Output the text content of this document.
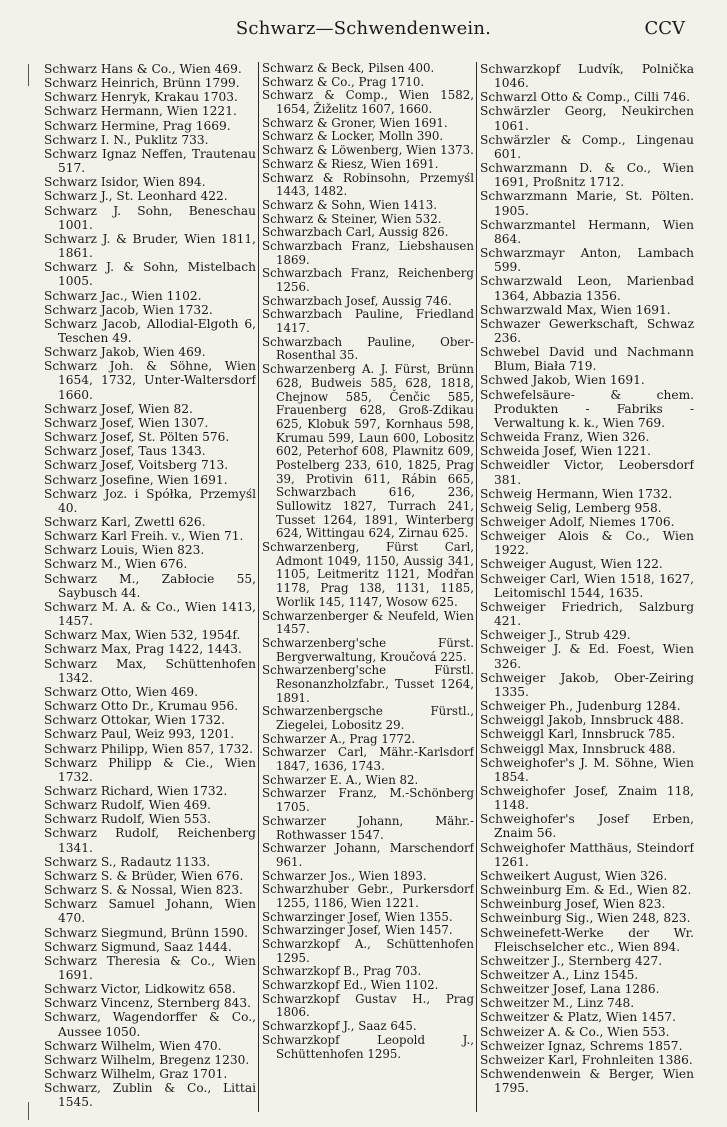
Schwarz—Schwendenwein.	CCV

Schwarz Hans & Co., Wien 469.

Schwarz Heinrich, Brünn 1799.

Schwarz Henryk, Krakau 1703.

Schwarz Hermann, Wien 1221.

Schwarz Hermine, Prag 1669.

Schwarz I. N., Puklitz 733.

Schwarz Ignaz Neffen, Trautenau 517.

Schwarz Isidor, Wien 894.

Schwarz J., St. Leonhard 422.

Schwarz J. Sohn, Beneschau 1001.

Schwarz J. & Bruder, Wien 1811, 1861.

Schwarz J. & Sohn, Mistelbach 1005.

Schwarz Jac., Wien 1102.

Schwarz Jacob, Wien 1732.

Schwarz Jacob, Allodial-Elgoth 6, Teschen 49.

Schwarz Jakob, Wien 469.

Schwarz Joh. & Söhne, Wien 1654, 1732, Unter-Waltersdorf 1660.

Schwarz Josef, Wien 82.

Schwarz Josef, Wien 1307.

Schwarz Josef, St. Pölten 576.

Schwarz Josef, Taus 1343.

Schwarz Josef, Voitsberg 713.

Schwarz Josefine, Wien 1691.

Schwarz Joz. i Spółka, Przemyśl 40.

Schwarz Karl, Zwettl 626.

Schwarz Karl Freih. v., Wien 71.

Schwarz Louis, Wien 823.

Schwarz M., Wien 676.

Schwarz M., Zabłocie 55, Saybusch 44.

Schwarz M. A. & Co., Wien 1413, 1457.

Schwarz Max, Wien 532, 1954f.

Schwarz Max, Prag 1422, 1443.

Schwarz Max, Schüttenhofen 1342.

Schwarz Otto, Wien 469.

Schwarz Otto Dr., Krumau 956.

Schwarz Ottokar, Wien 1732.

Schwarz Paul, Weiz 993, 1201.

Schwarz Philipp, Wien 857, 1732.

Schwarz Philipp & Cie., Wien 1732.

Schwarz Richard, Wien 1732.

Schwarz Rudolf, Wien 469.

Schwarz Rudolf, Wien 553.

Schwarz Rudolf, Reichenberg 1341.

Schwarz S., Radautz 1133.

Schwarz S. & Brüder, Wien 676.

Schwarz S. & Nossal, Wien 823.

Schwarz Samuel Johann, Wien 470.

Schwarz Siegmund, Brünn 1590.

Schwarz Sigmund, Saaz 1444.

Schwarz Theresia & Co., Wien 1691.

Schwarz Victor, Lidkowitz 658.

Schwarz Vincenz, Sternberg 843.

Schwarz, Wagendorffer & Co., Aussee 1050.

Schwarz Wilhelm, Wien 470.

Schwarz Wilhelm, Bregenz 1230.

Schwarz Wilhelm, Graz 1701.

Schwarz, Zublin & Co., Littai 1545.

Schwarz & Beck, Pilsen 400.

Schwarz & Co., Prag 1710.

Schwarz & Comp., Wien 1582, 1654, Žiželitz 1607, 1660.

Schwarz & Groner, Wien 1691.

Schwarz & Locker, Molln 390.

Schwarz & Löwenberg, Wien 1373.

Schwarz & Riesz, Wien 1691.

Schwarz & Robinsohn, Przemyśl 1443, 1482.

Schwarz & Sohn, Wien 1413.

Schwarz & Steiner, Wien 532.

Schwarzbach Carl, Aussig 826.

Schwarzbach Franz, Liebshausen 1869.

Schwarzbach Franz, Reichenberg 1256.

Schwarzbach Josef, Aussig 746.

Schwarzbach Pauline, Friedland 1417.

Schwarzbach Pauline, Ober-Rosenthal 35.

Schwarzenberg A. J. Fürst, Brünn 628, Budweis 585, 628, 1818, Chejnow 585, Čenčic 585, Frauenberg 628, Groß-Zdikau 625, Klobuk 597, Kornhaus 598, Krumau 599, Laun 600, Lobositz 602, Peterhof 608, Plawnitz 609, Postelberg 233, 610, 1825, Prag 39, Protivin 611, Rábin 665, Schwarzbach 616, 236, Sullowitz 1827, Turrach 241, Tusset 1264, 1891, Winterberg 624, Wittingau 624, Zirnau 625.

Schwarzenberg, Fürst Carl, Admont 1049, 1150, Aussig 341, 1105, Leitmeritz 1121, Modřan 1178, Prag 138, 1131, 1185, Worlik 145, 1147, Wosow 625.

Schwarzenberger & Neufeld, Wien 1457.

Schwarzenberg'sche Fürst. Bergverwaltung, Kroučová 225.

Schwarzenberg'sche Fürstl. Resonanzholzfabr., Tusset 1264, 1891.

Schwarzenbergsche Fürstl., Ziegelei, Lobositz 29.

Schwarzer A., Prag 1772.

Schwarzer Carl, Mähr.-Karlsdorf 1847, 1636, 1743.

Schwarzer E. A., Wien 82.

Schwarzer Franz, M.-Schönberg 1705.

Schwarzer Johann, Mähr.-Rothwasser 1547.

Schwarzer Johann, Marschendorf 961.

Schwarzer Jos., Wien 1893.

Schwarzhuber Gebr., Purkersdorf 1255, 1186, Wien 1221.

Schwarzinger Josef, Wien 1355.

Schwarzinger Josef, Wien 1457.

Schwarzkopf A., Schüttenhofen 1295.

Schwarzkopf B., Prag 703.

Schwarzkopf Ed., Wien 1102.

Schwarzkopf Gustav H., Prag 1806.

Schwarzkopf J., Saaz 645.

Schwarzkopf Leopold J., Schüttenhofen 1295.

Schwarzkopf Ludvík, Polnička 1046.

Schwarzl Otto & Comp., Cilli 746.

Schwärzler Georg, Neukirchen 1061.

Schwärzler & Comp., Lingenau 601.

Schwarzmann D. & Co., Wien 1691, Proßnitz 1712.

Schwarzmann Marie, St. Pölten. 1905.

Schwarzmantel Hermann, Wien 864.

Schwarzmayr Anton, Lambach 599.

Schwarzwald Leon, Marienbad 1364, Abbazia 1356.

Schwarzwald Max, Wien 1691.

Schwazer Gewerkschaft, Schwaz 236.

Schwebel David und Nachmann Blum, Biała 719.

Schwed Jakob, Wien 1691.

Schwefelsäure- & chem. Produkten - Fabriks - Verwaltung k. k., Wien 769.

Schweida Franz, Wien 326.

Schweida Josef, Wien 1221.

Schweidler Victor, Leobersdorf 381.

Schweig Hermann, Wien 1732.

Schweig Selig, Lemberg 958.

Schweiger Adolf, Niemes 1706.

Schweiger Alois & Co., Wien 1922.

Schweiger August, Wien 122.

Schweiger Carl, Wien 1518, 1627, Leitomischl 1544, 1635.

Schweiger Friedrich, Salzburg 421.

Schweiger J., Strub 429.

Schweiger J. & Ed. Foest, Wien 326.

Schweiger Jakob, Ober-Zeiring 1335.

Schweiger Ph., Judenburg 1284.

Schweiggl Jakob, Innsbruck 488.

Schweiggl Karl, Innsbruck 785.

Schweiggl Max, Innsbruck 488.

Schweighofer's J. M. Söhne, Wien 1854.

Schweighofer Josef, Znaim 118, 1148.

Schweighofer's Josef Erben, Znaim 56.

Schweighofer Matthäus, Steindorf 1261.

Schweikert August, Wien 326.

Schweinburg Em. & Ed., Wien 82.

Schweinburg Josef, Wien 823.

Schweinburg Sig., Wien 248, 823.

Schweinefett-Werke der Wr. Fleischselcher etc., Wien 894.

Schweitzer J., Sternberg 427.

Schweitzer A., Linz 1545.

Schweitzer Josef, Lana 1286.

Schweitzer M., Linz 748.

Schweitzer & Platz, Wien 1457.

Schweizer A. & Co., Wien 553.

Schweizer Ignaz, Schrems 1857.

Schweizer Karl, Frohnleiten 1386.

Schwendenwein & Berger, Wien 1795.
